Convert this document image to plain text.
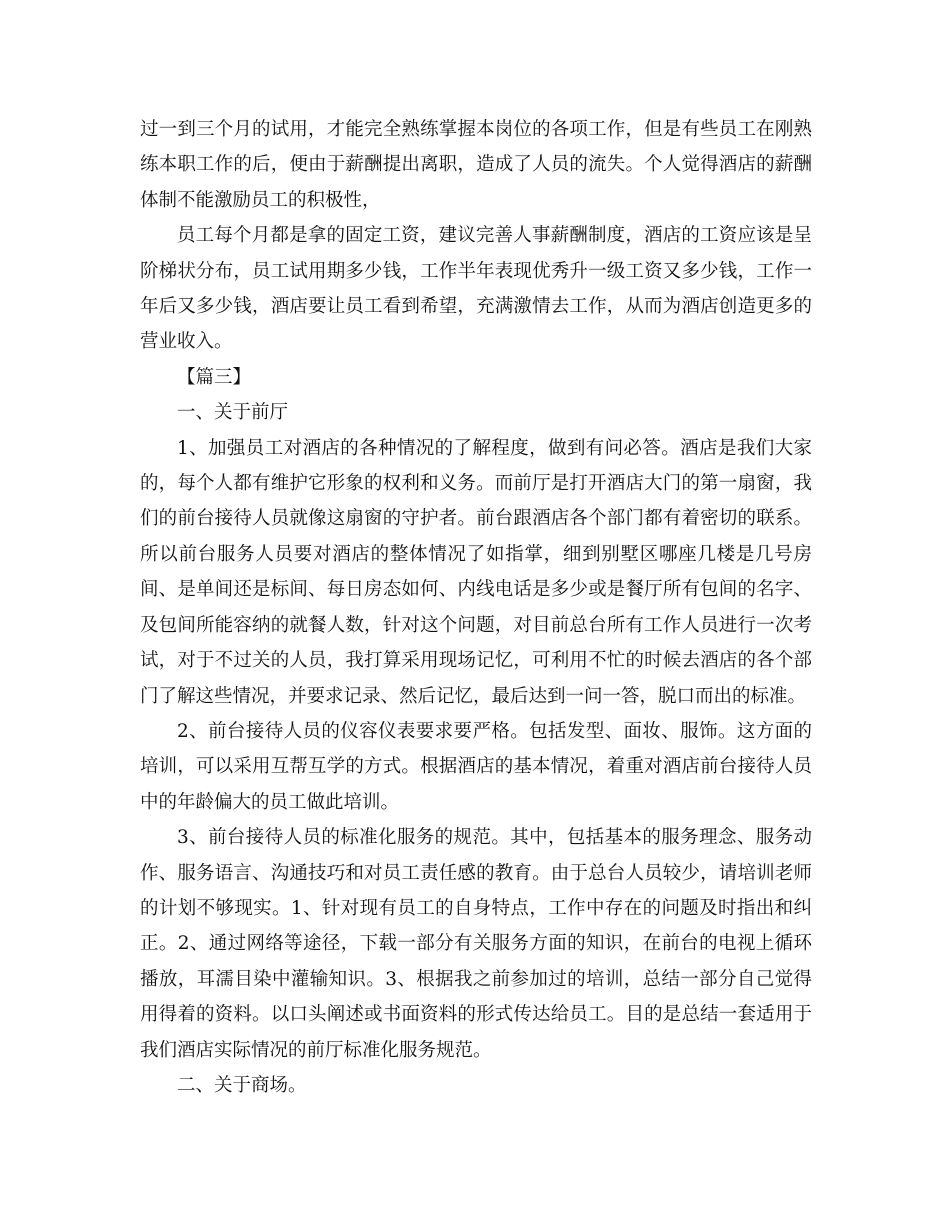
过一到三个月的试用，才能完全熟练掌握本岗位的各项工作，但是有些员工在刚熟练本职工作的后，便由于薪酬提出离职，造成了人员的流失。个人觉得酒店的薪酬体制不能激励员工的积极性，

员工每个月都是拿的固定工资，建议完善人事薪酬制度，酒店的工资应该是呈阶梯状分布，员工试用期多少钱，工作半年表现优秀升一级工资又多少钱，工作一年后又多少钱，酒店要让员工看到希望，充满激情去工作，从而为酒店创造更多的营业收入。

【篇三】

一、关于前厅

1、加强员工对酒店的各种情况的了解程度，做到有问必答。酒店是我们大家的，每个人都有维护它形象的权利和义务。而前厅是打开酒店大门的第一扇窗，我们的前台接待人员就像这扇窗的守护者。前台跟酒店各个部门都有着密切的联系。所以前台服务人员要对酒店的整体情况了如指掌，细到别墅区哪座几楼是几号房间、是单间还是标间、每日房态如何、内线电话是多少或是餐厅所有包间的名字、及包间所能容纳的就餐人数，针对这个问题，对目前总台所有工作人员进行一次考试，对于不过关的人员，我打算采用现场记忆，可利用不忙的时候去酒店的各个部门了解这些情况，并要求记录、然后记忆，最后达到一问一答，脱口而出的标准。

2、前台接待人员的仪容仪表要求要严格。包括发型、面妆、服饰。这方面的培训，可以采用互帮互学的方式。根据酒店的基本情况，着重对酒店前台接待人员中的年龄偏大的员工做此培训。

3、前台接待人员的标准化服务的规范。其中，包括基本的服务理念、服务动作、服务语言、沟通技巧和对员工责任感的教育。由于总台人员较少，请培训老师的计划不够现实。1、针对现有员工的自身特点，工作中存在的问题及时指出和纠正。2、通过网络等途径，下载一部分有关服务方面的知识，在前台的电视上循环播放，耳濡目染中灌输知识。3、根据我之前参加过的培训，总结一部分自己觉得用得着的资料。以口头阐述或书面资料的形式传达给员工。目的是总结一套适用于我们酒店实际情况的前厅标准化服务规范。

二、关于商场。
